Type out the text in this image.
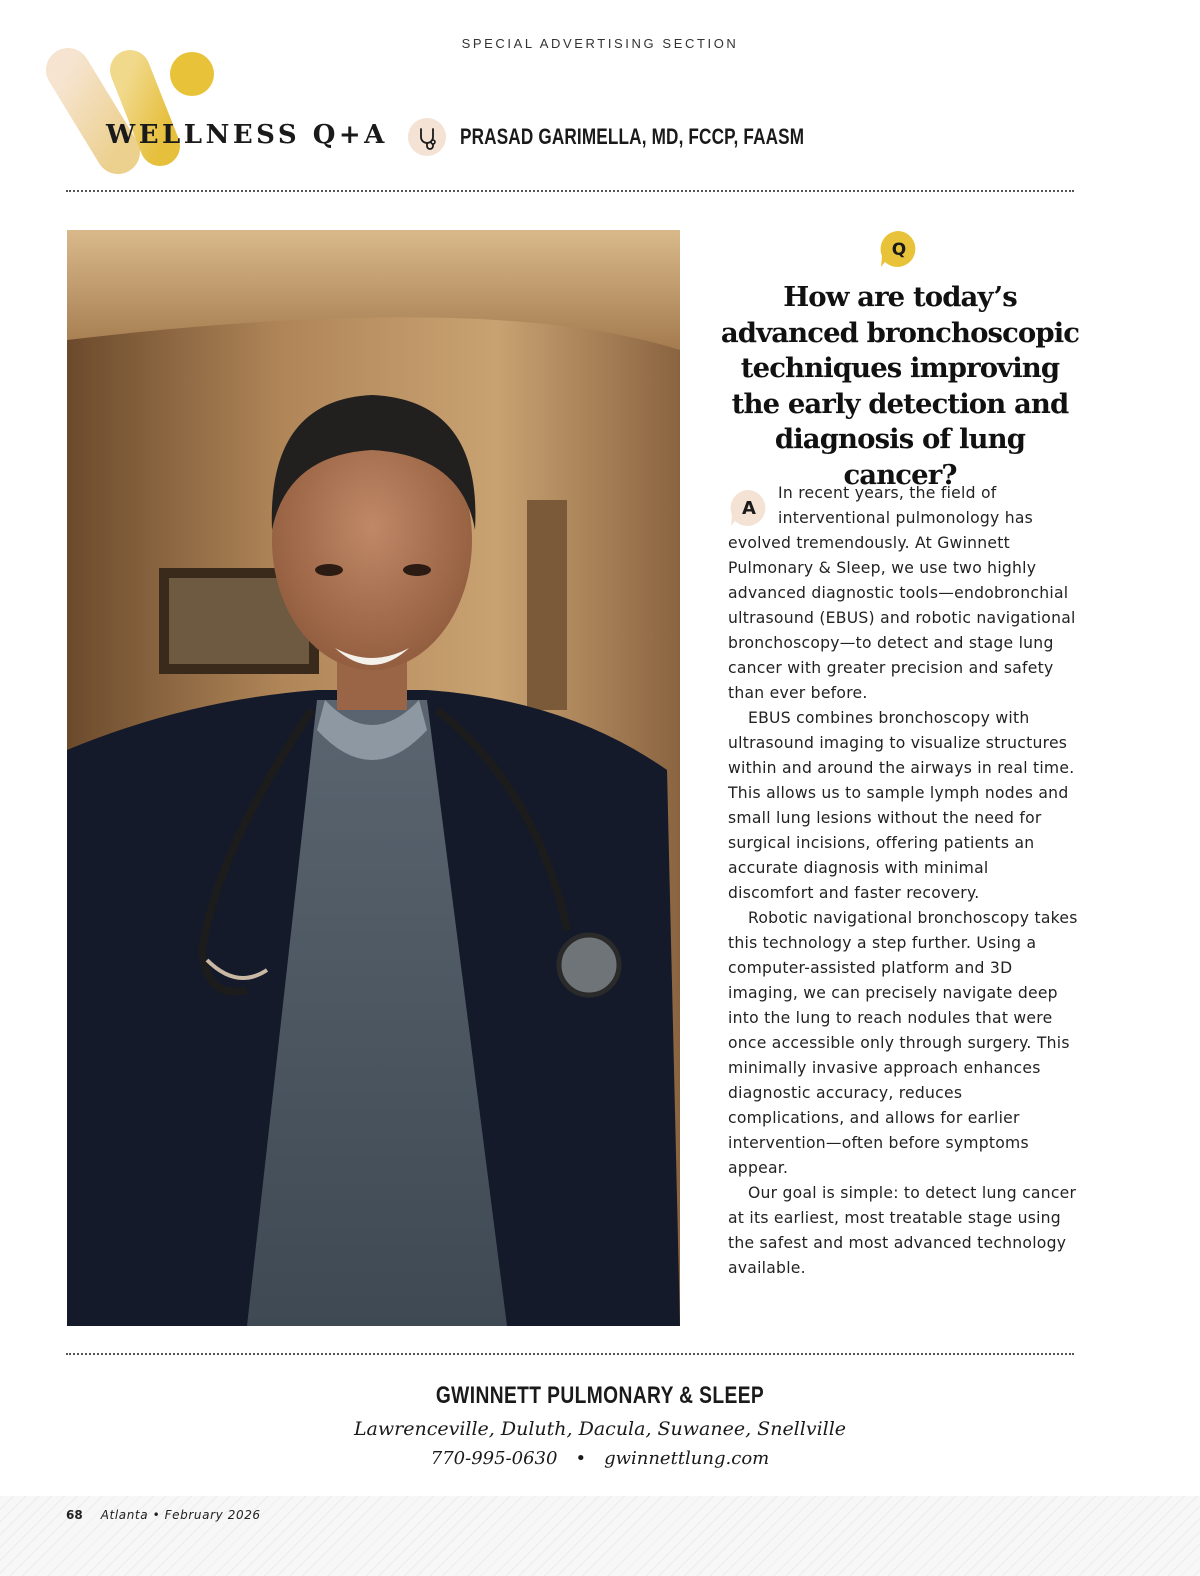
SPECIAL ADVERTISING SECTION
WELLNESS Q+A	PRASAD GARIMELLA, MD, FCCP, FAASM
Q
How are today’s advanced bronchoscopic techniques improving the early detection and diagnosis of lung cancer?
A

In recent years, the field of interventional pulmonology has evolved tremendously. At Gwinnett Pulmonary & Sleep, we use two highly advanced diagnostic tools—endobronchial ultrasound (EBUS) and robotic navigational bronchoscopy—to detect and stage lung cancer with greater precision and safety than ever before.

EBUS combines bronchoscopy with ultrasound imaging to visualize structures within and around the airways in real time. This allows us to sample lymph nodes and small lung lesions without the need for surgical incisions, offering patients an accurate diagnosis with minimal discomfort and faster recovery.

Robotic navigational bronchoscopy takes this technology a step further. Using a computer-assisted platform and 3D imaging, we can precisely navigate deep into the lung to reach nodules that were once accessible only through surgery. This minimally invasive approach enhances diagnostic accuracy, reduces complications, and allows for earlier intervention—often before symptoms appear.

Our goal is simple: to detect lung cancer at its earliest, most treatable stage using the safest and most advanced technology available.

GWINNETT PULMONARY & SLEEP
Lawrenceville, Duluth, Dacula, Suwanee, Snellville
770-995-0630 • gwinnettlung.com
68 Atlanta • February 2026
